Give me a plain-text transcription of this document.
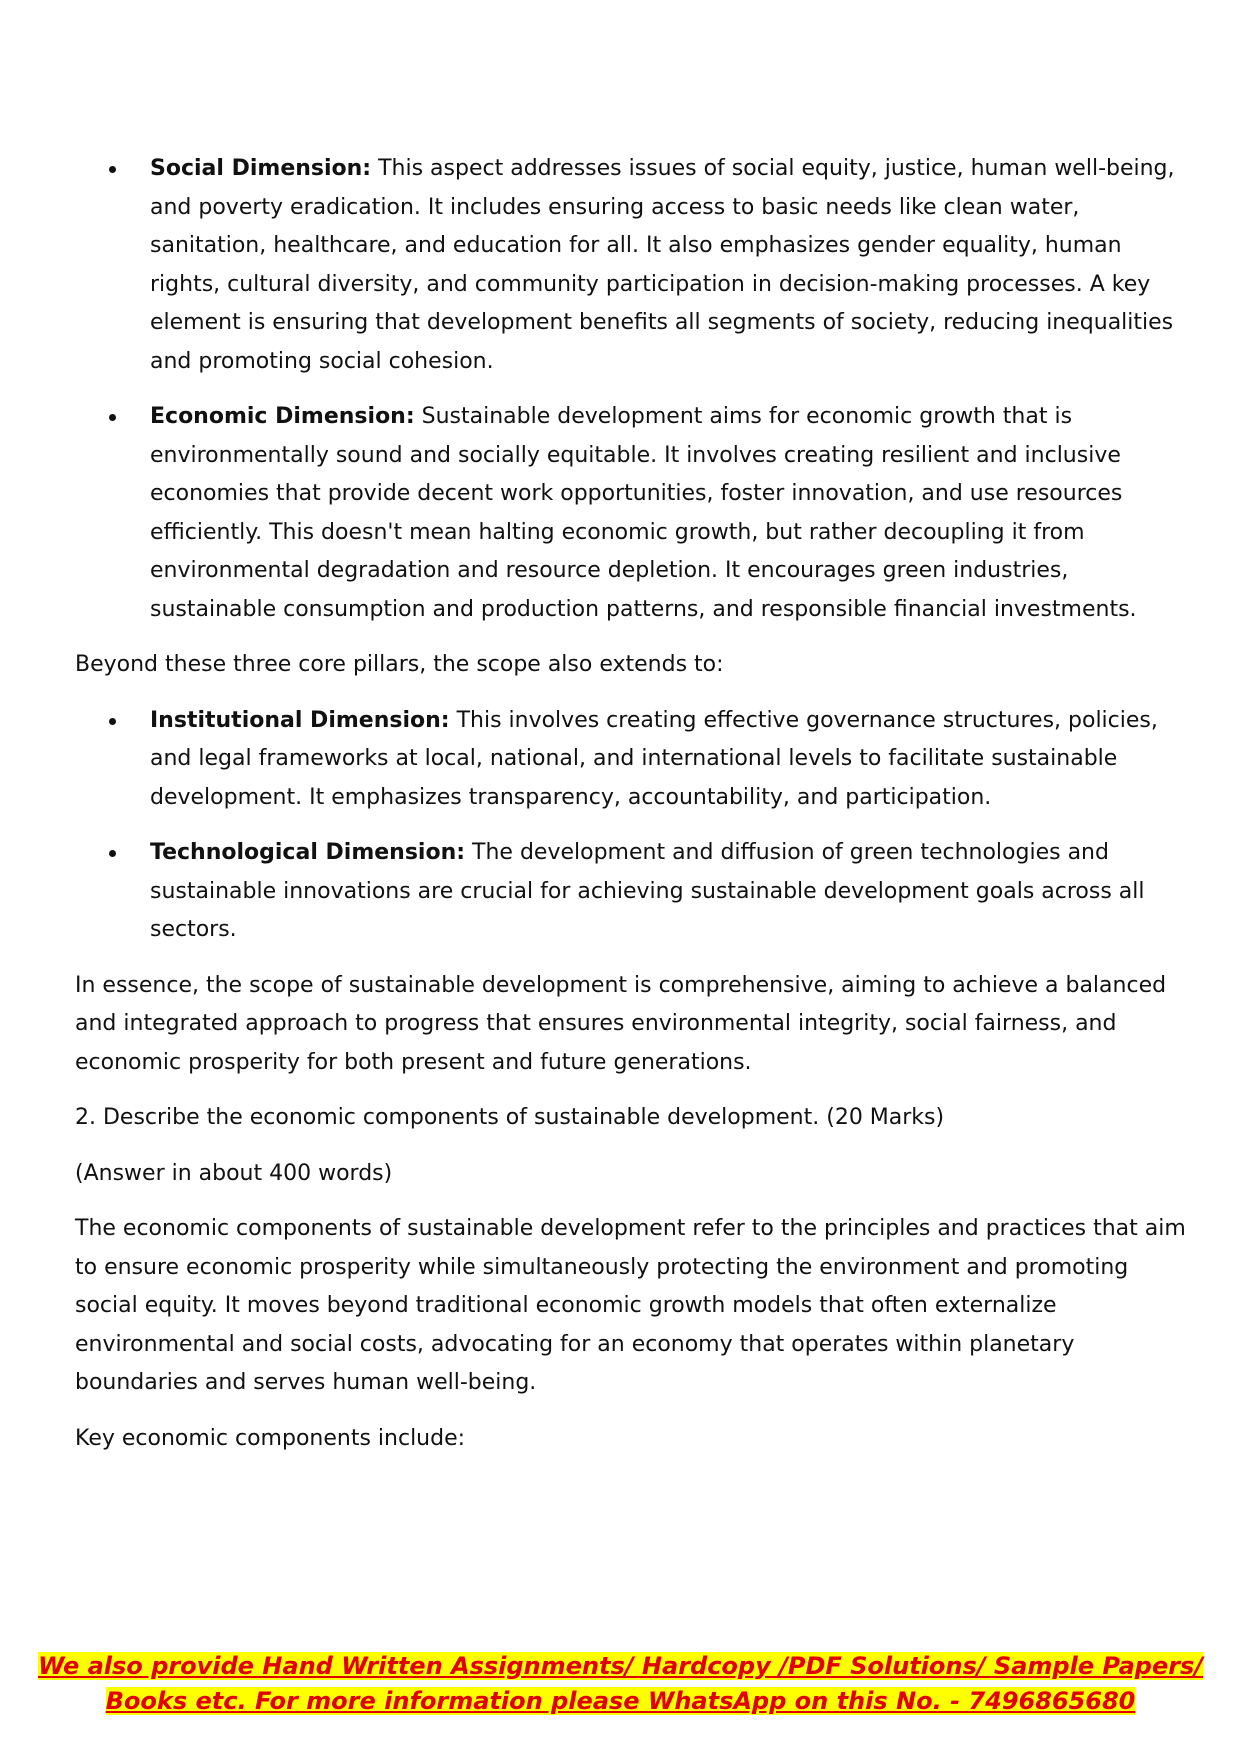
Social Dimension: This aspect addresses issues of social equity, justice, human well-being, and poverty eradication. It includes ensuring access to basic needs like clean water, sanitation, healthcare, and education for all. It also emphasizes gender equality, human rights, cultural diversity, and community participation in decision-making processes. A key element is ensuring that development benefits all segments of society, reducing inequalities and promoting social cohesion.
Economic Dimension: Sustainable development aims for economic growth that is environmentally sound and socially equitable. It involves creating resilient and inclusive economies that provide decent work opportunities, foster innovation, and use resources efficiently. This doesn't mean halting economic growth, but rather decoupling it from environmental degradation and resource depletion. It encourages green industries, sustainable consumption and production patterns, and responsible financial investments.

Beyond these three core pillars, the scope also extends to:

Institutional Dimension: This involves creating effective governance structures, policies, and legal frameworks at local, national, and international levels to facilitate sustainable development. It emphasizes transparency, accountability, and participation.
Technological Dimension: The development and diffusion of green technologies and sustainable innovations are crucial for achieving sustainable development goals across all sectors.

In essence, the scope of sustainable development is comprehensive, aiming to achieve a balanced and integrated approach to progress that ensures environmental integrity, social fairness, and economic prosperity for both present and future generations.

2. Describe the economic components of sustainable development. (20 Marks)

(Answer in about 400 words)

The economic components of sustainable development refer to the principles and practices that aim to ensure economic prosperity while simultaneously protecting the environment and promoting social equity. It moves beyond traditional economic growth models that often externalize environmental and social costs, advocating for an economy that operates within planetary boundaries and serves human well-being.

Key economic components include:

We also provide Hand Written Assignments/ Hardcopy /PDF Solutions/ Sample Papers/
Books etc. For more information please WhatsApp on this No. - 7496865680
